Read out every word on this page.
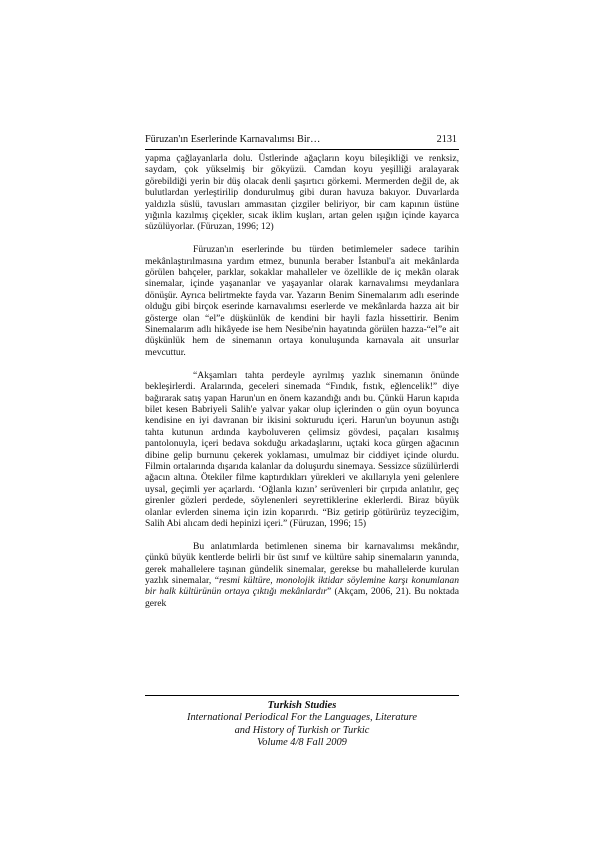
Füruzan'ın Eserlerinde Karnavalımsı Bir…	2131

yapma çağlayanlarla dolu. Üstlerinde ağaçların koyu bileşikliği ve renksiz, saydam, çok yükselmiş bir gökyüzü. Camdan koyu yeşilliği aralayarak görebildiği yerin bir düş olacak denli şaşırtıcı görkemi. Mermerden değil de, ak bulutlardan yerleştirilip dondurulmuş gibi duran havuza bakıyor. Duvarlarda yaldızla süslü, tavusları ammasıtan çizgiler beliriyor, bir cam kapının üstüne yığınla kazılmış çiçekler, sıcak iklim kuşları, artan gelen ışığın içinde kayarca süzülüyorlar. (Füruzan, 1996; 12)

Füruzan'ın eserlerinde bu türden betimlemeler sadece tarihin mekânlaştırılmasına yardım etmez, bununla beraber İstanbul'a ait mekânlarda görülen bahçeler, parklar, sokaklar mahalleler ve özellikle de iç mekân olarak sinemalar, içinde yaşananlar ve yaşayanlar olarak karnavalımsı meydanlara dönüşür. Ayrıca belirtmekte fayda var. Yazarın Benim Sinemalarım adlı eserinde olduğu gibi birçok eserinde karnavalımsı eserlerde ve mekânlarda hazza ait bir gösterge olan “el”e düşkünlük de kendini bir hayli fazla hissettirir. Benim Sinemalarım adlı hikâyede ise hem Nesibe'nin hayatında görülen hazza-“el”e ait düşkünlük hem de sinemanın ortaya konuluşunda karnavala ait unsurlar mevcuttur.

“Akşamları tahta perdeyle ayrılmış yazlık sinemanın önünde bekleşirlerdi. Aralarında, geceleri sinemada “Fındık, fıstık, eğlencelik!” diye bağırarak satış yapan Harun'un en önem kazandığı andı bu. Çünkü Harun kapıda bilet kesen Babriyeli Salih'e yalvar yakar olup içlerinden o gün oyun boyunca kendisine en iyi davranan bir ikisini sokturudu içeri. Harun'un boyunun astığı tahta kutunun ardında kayboluveren çelimsiz gövdesi, paçaları kısalmış pantolonuyla, içeri bedava sokduğu arkadaşlarını, uçtaki koca gürgen ağacının dibine gelip burnunu çekerek yoklaması, umulmaz bir ciddiyet içinde olurdu. Filmin ortalarında dışarıda kalanlar da doluşurdu sinemaya. Sessizce süzülürlerdi ağacın altına. Ötekiler filme kaptırdıkları yürekleri ve akıllarıyla yeni gelenlere uysal, geçimli yer açarlardı. ‘Oğlanla kızın’ serüvenleri bir çırpıda anlatılır, geç girenler gözleri perdede, söylenenleri seyrettiklerine eklerlerdi. Biraz büyük olanlar evlerden sinema için izin koparırdı. “Biz getirip götürürüz teyzeciğim, Salih Abi alıcam dedi hepinizi içeri.” (Füruzan, 1996; 15)

Bu anlatımlarda betimlenen sinema bir karnavalımsı mekândır, çünkü büyük kentlerde belirli bir üst sınıf ve kültüre sahip sinemaların yanında, gerek mahallelere taşınan gündelik sinemalar, gerekse bu mahallelerde kurulan yazlık sinemalar, “resmi kültüre, monolojik iktidar söylemine karşı konumlanan bir halk kültürünün ortaya çıktığı mekânlardır” (Akçam, 2006, 21). Bu noktada gerek

Turkish Studies
International Periodical For the Languages, Literature
and History of Turkish or Turkic
Volume 4/8 Fall 2009
